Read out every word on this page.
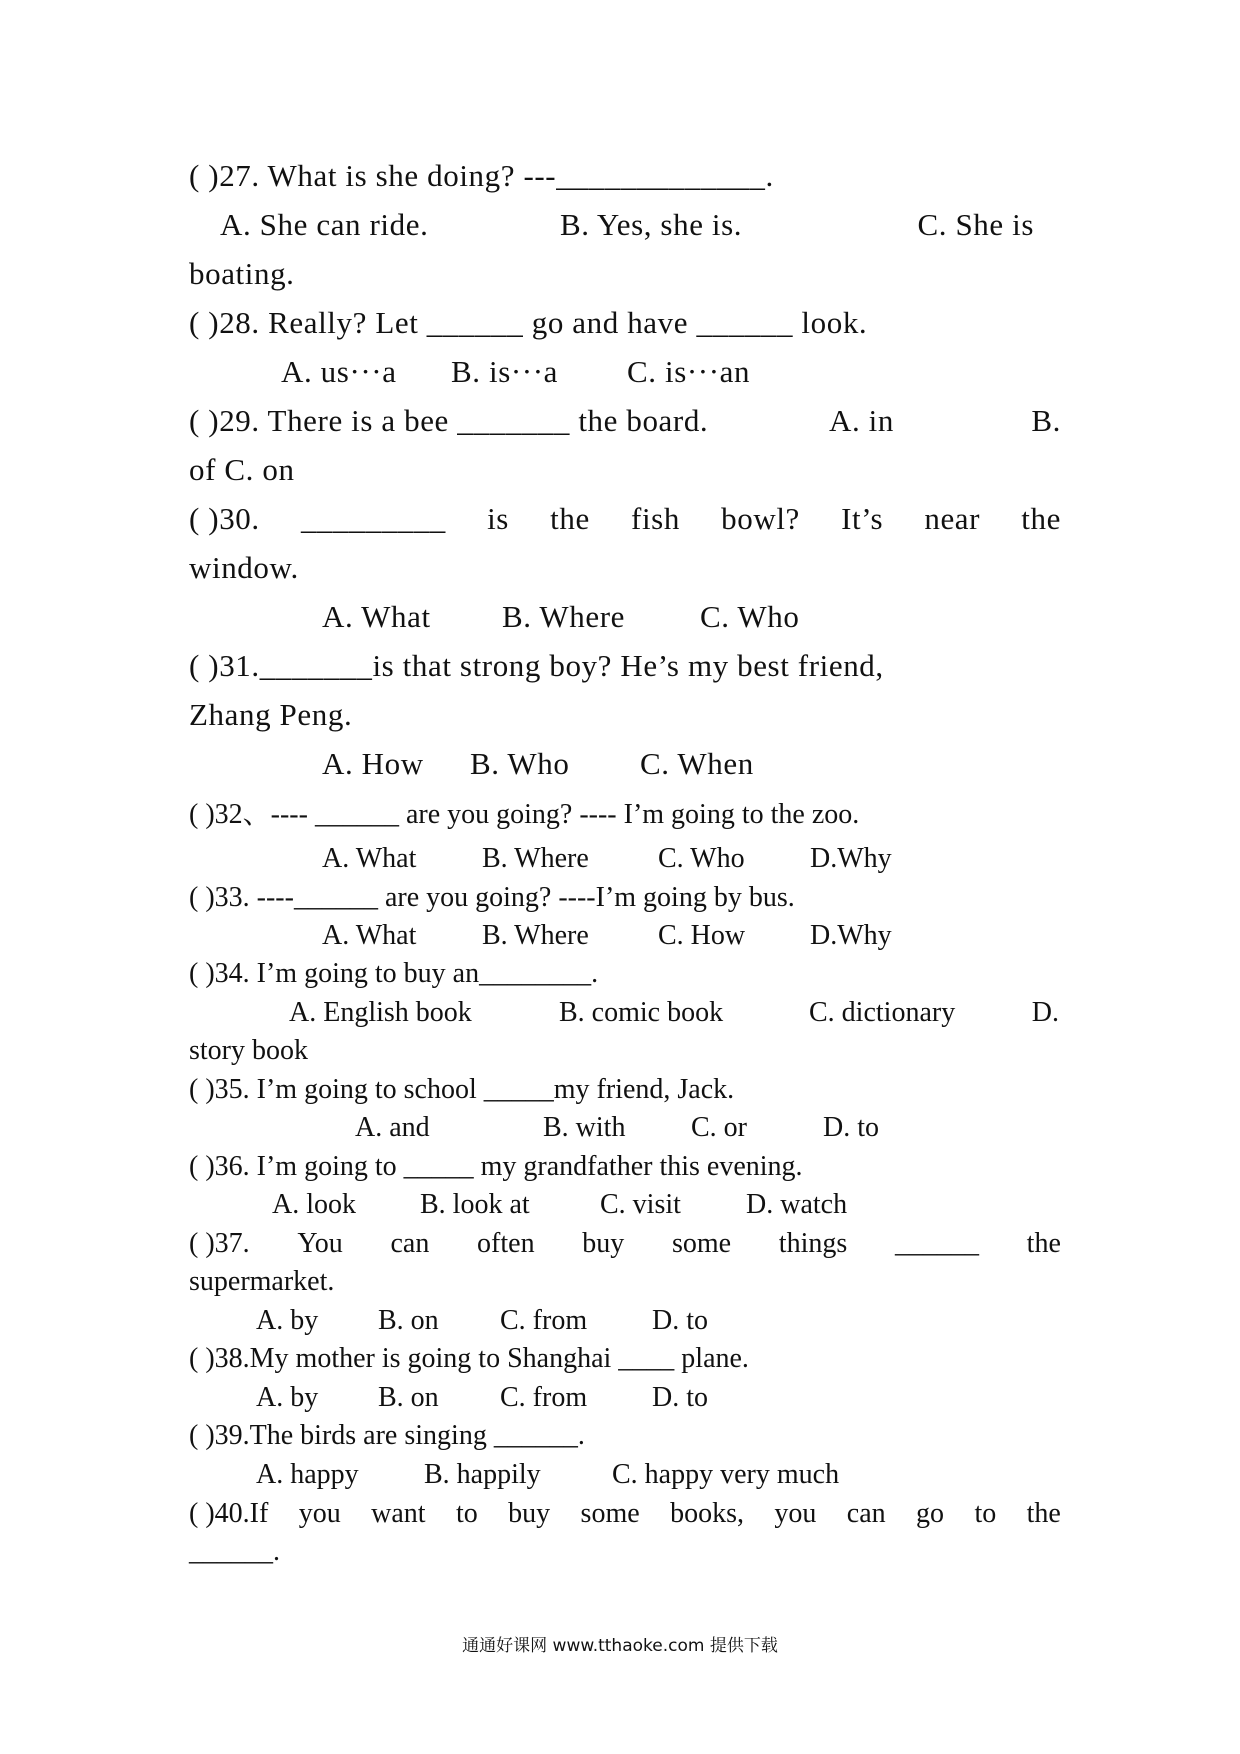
( )27. What is she doing? ---_____________.
A. She can ride.	B. Yes, she is.	C. She is
boating.
( )28. Really? Let ______ go and have ______ look.
A. us···a B. is···a C. is···an
( )29. There is a bee _______ the board.	A. in	B.
of C. on
( )30. _________ is the fish bowl? It’s near the
window.
A. What B. Where C. Who
( )31._______is that strong boy? He’s my best friend,
Zhang Peng.
A. How B. Who C. When
( )32、---- ______ are you going? ---- I’m going to the zoo.
A. What B. Where C. Who D.Why
( )33. ----______ are you going? ----I’m going by bus.
A. What B. Where C. How D.Why
( )34. I’m going to buy an________.
A. English book	B. comic book	C. dictionary	D.
story book
( )35. I’m going to school _____my friend, Jack.
A. and	B. with C. or	D. to
( )36. I’m going to _____ my grandfather this evening.
A. look B. look at	C. visit D. watch
( )37. You can often buy some things ______ the
supermarket.
A. by B. on C. from D. to
( )38.My mother is going to Shanghai ____ plane.
A. by B. on C. from D. to
( )39.The birds are singing ______.
A. happy B. happily	C. happy very much
( )40.If you want to buy some books, you can go to the
______.
通通好课网 www.tthaoke.com 提供下载
